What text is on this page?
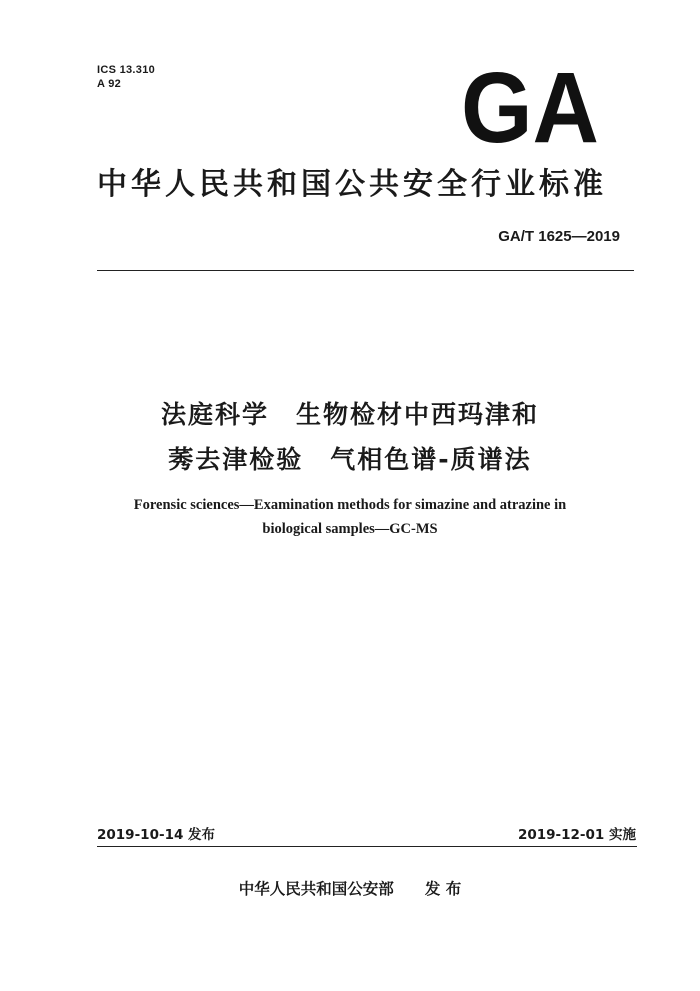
ICS 13.310
A 92	GA
中华人民共和国公共安全行业标准
GA/T 1625—2019
法庭科学　生物检材中西玛津和
莠去津检验　气相色谱-质谱法
Forensic sciences—Examination methods for simazine and atrazine in
biological samples—GC-MS
2019-10-14 发布	2019-12-01 实施
中华人民共和国公安部　　 发 布
